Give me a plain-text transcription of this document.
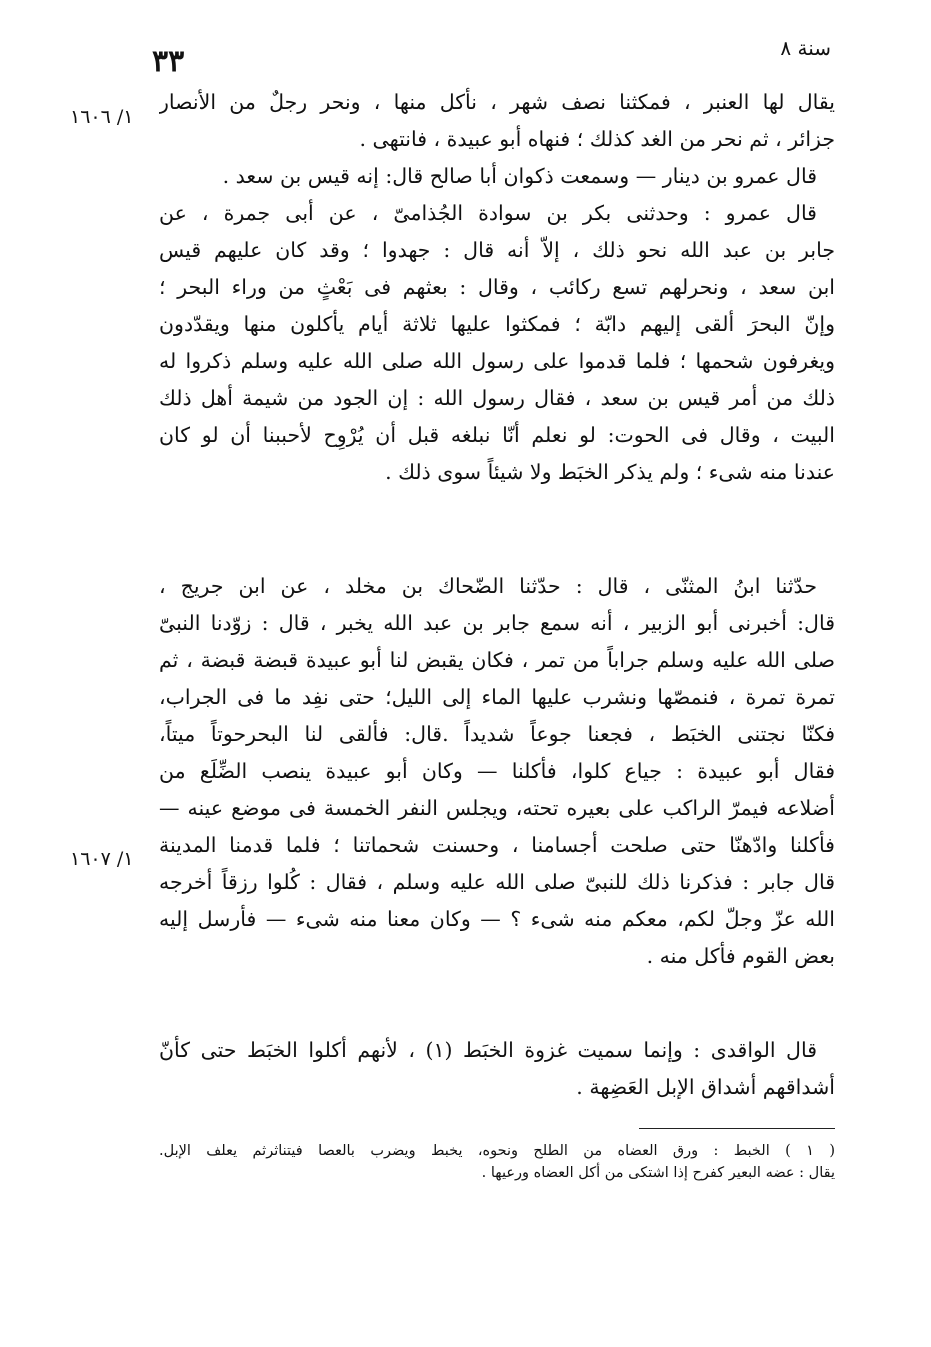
سنة ٨
٣٣
١/ ١٦٠٦
١/ ١٦٠٧
يقال لها العنبر ، فمكثنا نصف شهر ، نأكل منها ، ونحر رجلٌ من الأنصار
جزائر ، ثم نحر من الغد كذلك ؛ فنهاه أبو عبيدة ، فانتهى .
قال عمرو بن دينار — وسمعت ذكوان أبا صالح قال: إنه قيس بن سعد .
قال عمرو : وحدثنى بكر بن سوادة الجُذامىّ ، عن أبى جمرة ، عن
جابر بن عبد الله نحو ذلك ، إلاّ أنه قال : جهدوا ؛ وقد كان عليهم قيس
ابن سعد ، ونحرلهم تسع ركائب ، وقال : بعثهم فى بَعْثٍ من وراء البحر ؛
وإنّ البحرَ ألقى إليهم دابّة ؛ فمكثوا عليها ثلاثة أيام يأكلون منها ويقدّدون
ويغرفون شحمها ؛ فلما قدموا على رسول الله صلى الله عليه وسلم ذكروا له
ذلك من أمر قيس بن سعد ، فقال رسول الله : إن الجود من شيمة أهل ذلك
البيت ، وقال فى الحوت: لو نعلم أنّا نبلغه قبل أن يُرْوِح لأحببنا أن لو كان
عندنا منه شىء ؛ ولم يذكر الخبَط ولا شيئاً سوى ذلك .
حدّثنا ابنُ المثنّى ، قال : حدّثنا الضّحاك بن مخلد ، عن ابن جريج ،
قال: أخبرنى أبو الزبير ، أنه سمع جابر بن عبد الله يخبر ، قال : زوّدنا النبىّ
صلى الله عليه وسلم جراباً من تمر ، فكان يقبض لنا أبو عبيدة قبضة قبضة ، ثم
تمرة تمرة ، فنمصّها ونشرب عليها الماء إلى الليل؛ حتى نفِد ما فى الجراب،
فكنّا نجتنى الخبَط ، فجعنا جوعاً شديداً .قال: فألقى لنا البحرحوتاً ميتاً،
فقال أبو عبيدة : جياع كلوا، فأكلنا — وكان أبو عبيدة ينصب الضِّلَع من
أضلاعه فيمرّ الراكب على بعيره تحته، ويجلس النفر الخمسة فى موضع عينه —
فأكلنا وادّهنّا حتى صلحت أجسامنا ، وحسنت شحماتنا ؛ فلما قدمنا المدينة
قال جابر : فذكرنا ذلك للنبىّ صلى الله عليه وسلم ، فقال : كُلوا رزقاً أخرجه
الله عزّ وجلّ لكم، معكم منه شىء ؟ — وكان معنا منه شىء — فأرسل إليه
بعض القوم فأكل منه .
قال الواقدى : وإنما سميت غزوة الخبَط (١) ، لأنهم أكلوا الخبَط حتى كأنّ
أشداقهم أشداق الإبل العَضِهة .
( ١ ) الخبط : ورق العضاه من الطلح ونحوه، يخبط ويضرب بالعصا فيتناثرثم يعلف الإبل.
يقال : عضه البعير كفرح إذا اشتكى من أكل العضاه ورعيها .
